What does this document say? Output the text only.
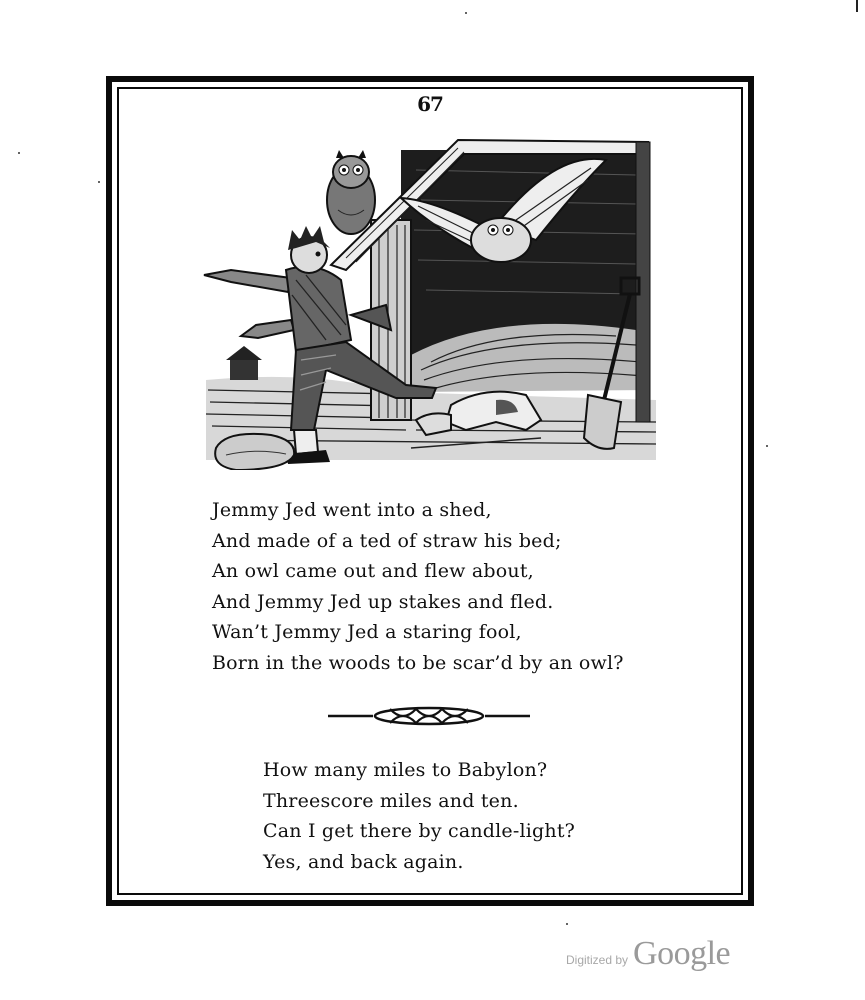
67
Jemmy Jed went into a shed,
And made of a ted of straw his bed;
An owl came out and flew about,
And Jemmy Jed up stakes and fled.
Wan’t Jemmy Jed a staring fool,
Born in the woods to be scar’d by an owl?
How many miles to Babylon?
Threescore miles and ten.
Can I get there by candle-light?
Yes, and back again.
Digitized by Google
